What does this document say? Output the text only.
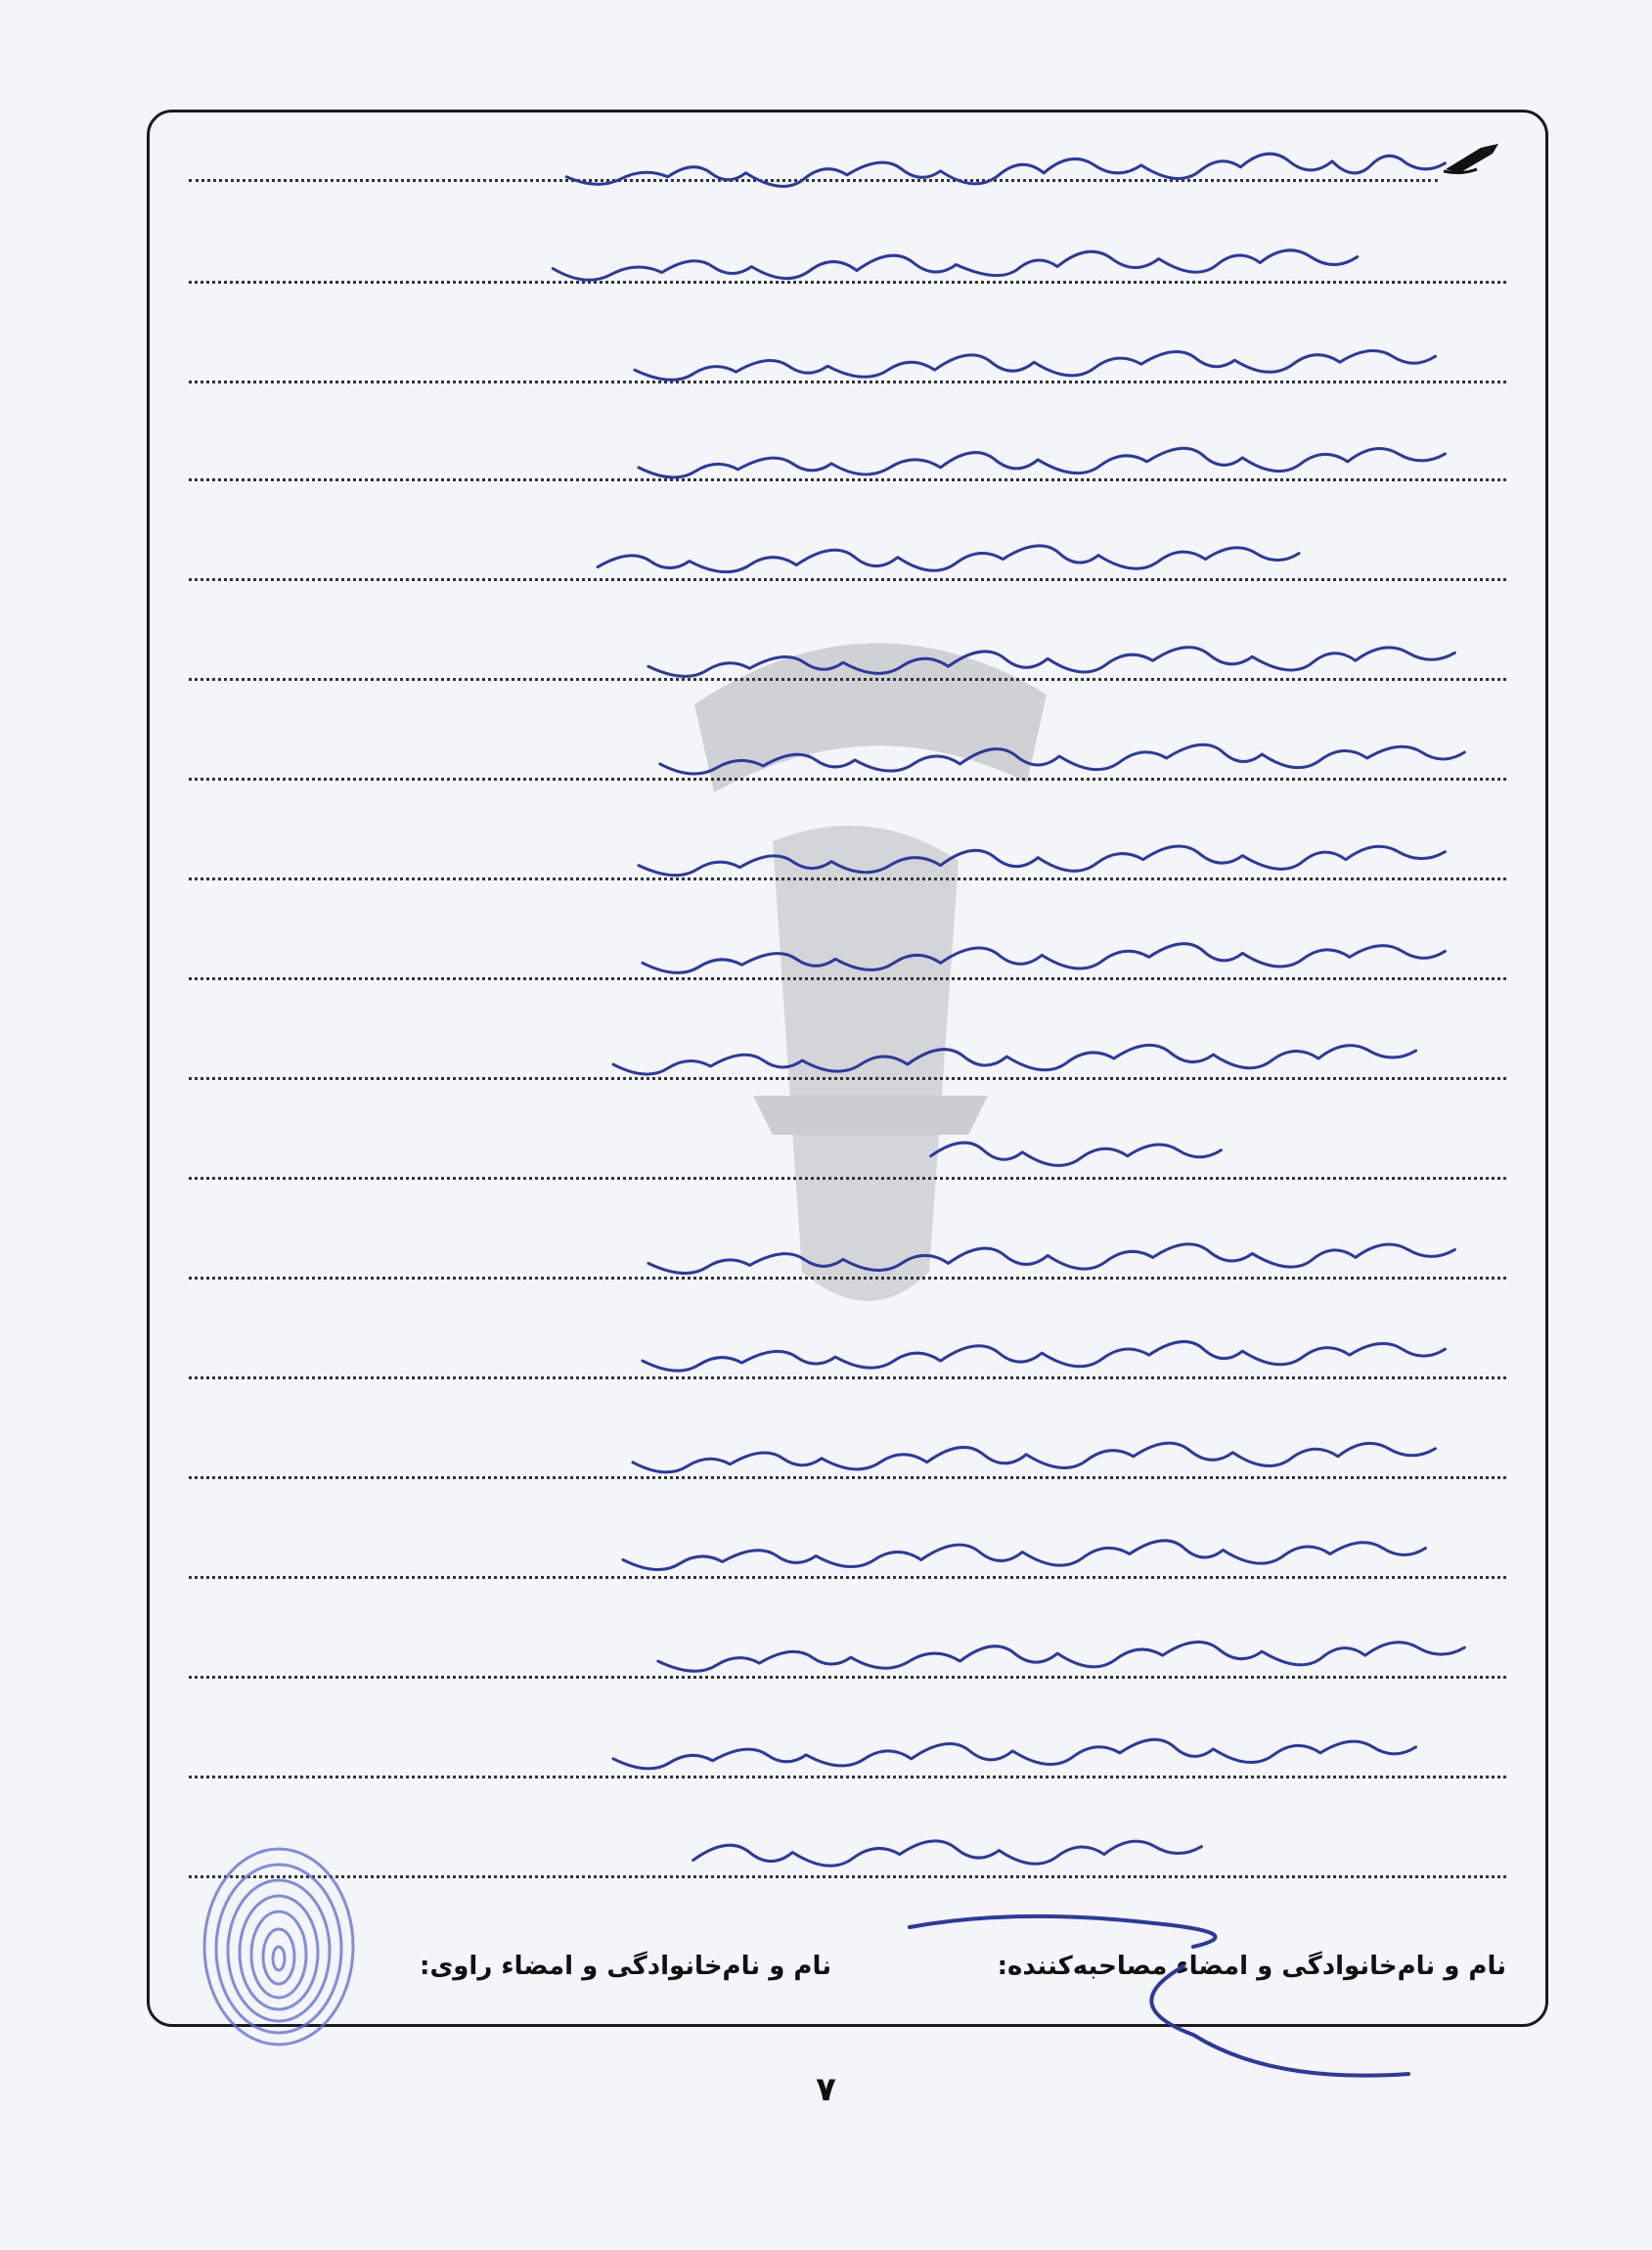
نام و نام‌خانوادگی و امضاء مصاحبه‌کننده:
نام و نام‌خانوادگی و امضاء راوی:
۷
